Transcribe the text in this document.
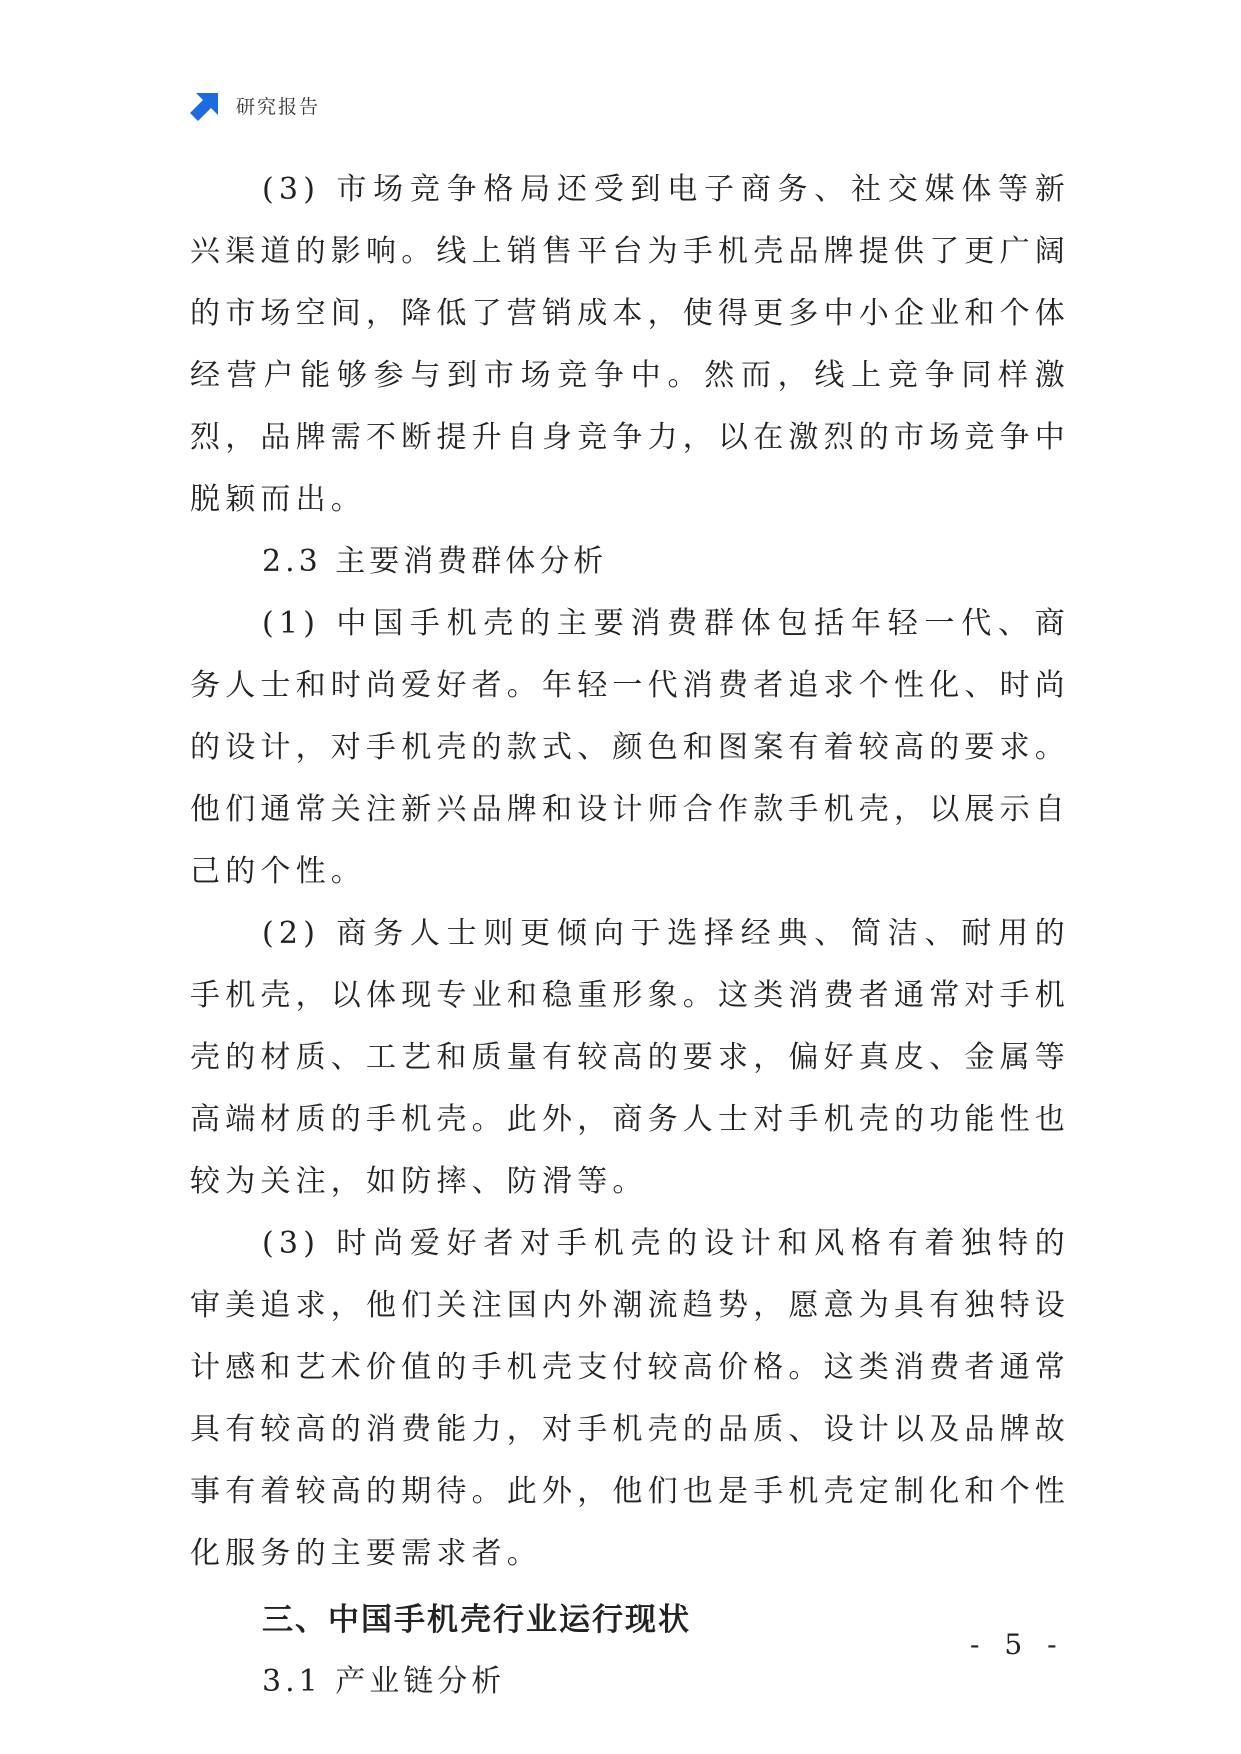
研究报告

(3) 市场竞争格局还受到电子商务、社交媒体等新兴渠道的影响。线上销售平台为手机壳品牌提供了更广阔的市场空间，降低了营销成本，使得更多中小企业和个体经营户能够参与到市场竞争中。然而，线上竞争同样激烈，品牌需不断提升自身竞争力，以在激烈的市场竞争中脱颖而出。

2.3 主要消费群体分析

(1) 中国手机壳的主要消费群体包括年轻一代、商务人士和时尚爱好者。年轻一代消费者追求个性化、时尚的设计，对手机壳的款式、颜色和图案有着较高的要求。他们通常关注新兴品牌和设计师合作款手机壳，以展示自己的个性。

(2) 商务人士则更倾向于选择经典、简洁、耐用的手机壳，以体现专业和稳重形象。这类消费者通常对手机壳的材质、工艺和质量有较高的要求，偏好真皮、金属等高端材质的手机壳。此外，商务人士对手机壳的功能性也较为关注，如防摔、防滑等。

(3) 时尚爱好者对手机壳的设计和风格有着独特的审美追求，他们关注国内外潮流趋势，愿意为具有独特设计感和艺术价值的手机壳支付较高价格。这类消费者通常具有较高的消费能力，对手机壳的品质、设计以及品牌故事有着较高的期待。此外，他们也是手机壳定制化和个性化服务的主要需求者。

三、中国手机壳行业运行现状

3.1 产业链分析

- 5 -
